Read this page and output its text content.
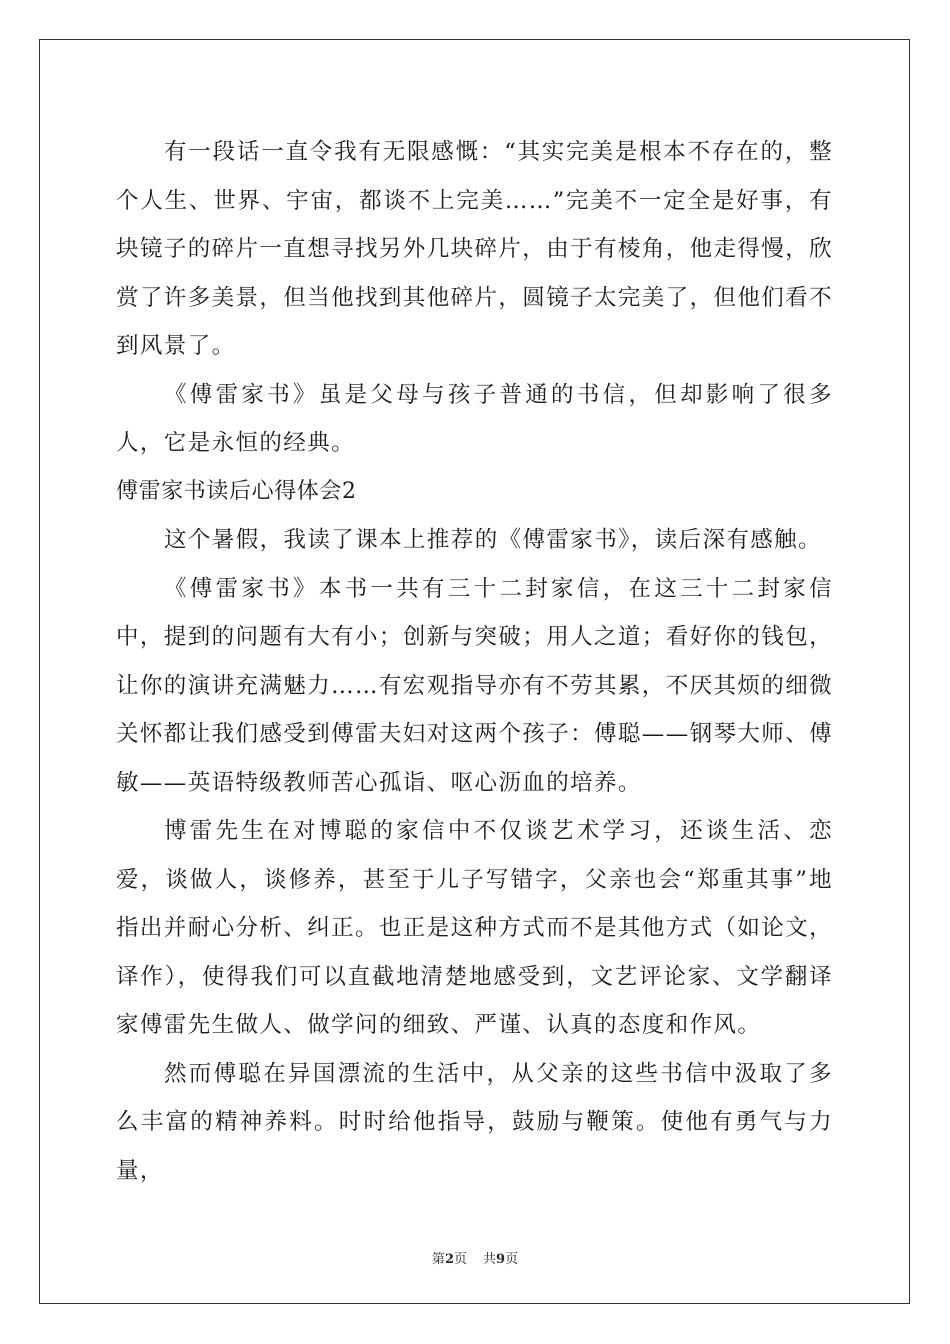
有一段话一直令我有无限感慨：“其实完美是根本不存在的，整个人生、世界、宇宙，都谈不上完美……”完美不一定全是好事，有块镜子的碎片一直想寻找另外几块碎片，由于有棱角，他走得慢，欣赏了许多美景，但当他找到其他碎片，圆镜子太完美了，但他们看不到风景了。

《傅雷家书》虽是父母与孩子普通的书信，但却影响了很多人，它是永恒的经典。

傅雷家书读后心得体会2

这个暑假，我读了课本上推荐的《傅雷家书》，读后深有感触。

《傅雷家书》本书一共有三十二封家信，在这三十二封家信中，提到的问题有大有小；创新与突破；用人之道；看好你的钱包，让你的演讲充满魅力……有宏观指导亦有不劳其累，不厌其烦的细微关怀都让我们感受到傅雷夫妇对这两个孩子：傅聪——钢琴大师、傅敏——英语特级教师苦心孤诣、呕心沥血的培养。

博雷先生在对博聪的家信中不仅谈艺术学习，还谈生活、恋爱，谈做人，谈修养，甚至于儿子写错字，父亲也会“郑重其事”地指出并耐心分析、纠正。也正是这种方式而不是其他方式（如论文，译作），使得我们可以直截地清楚地感受到，文艺评论家、文学翻译家傅雷先生做人、做学问的细致、严谨、认真的态度和作风。

然而傅聪在异国漂流的生活中，从父亲的这些书信中汲取了多么丰富的精神养料。时时给他指导，鼓励与鞭策。使他有勇气与力量，

第2页 共9页
